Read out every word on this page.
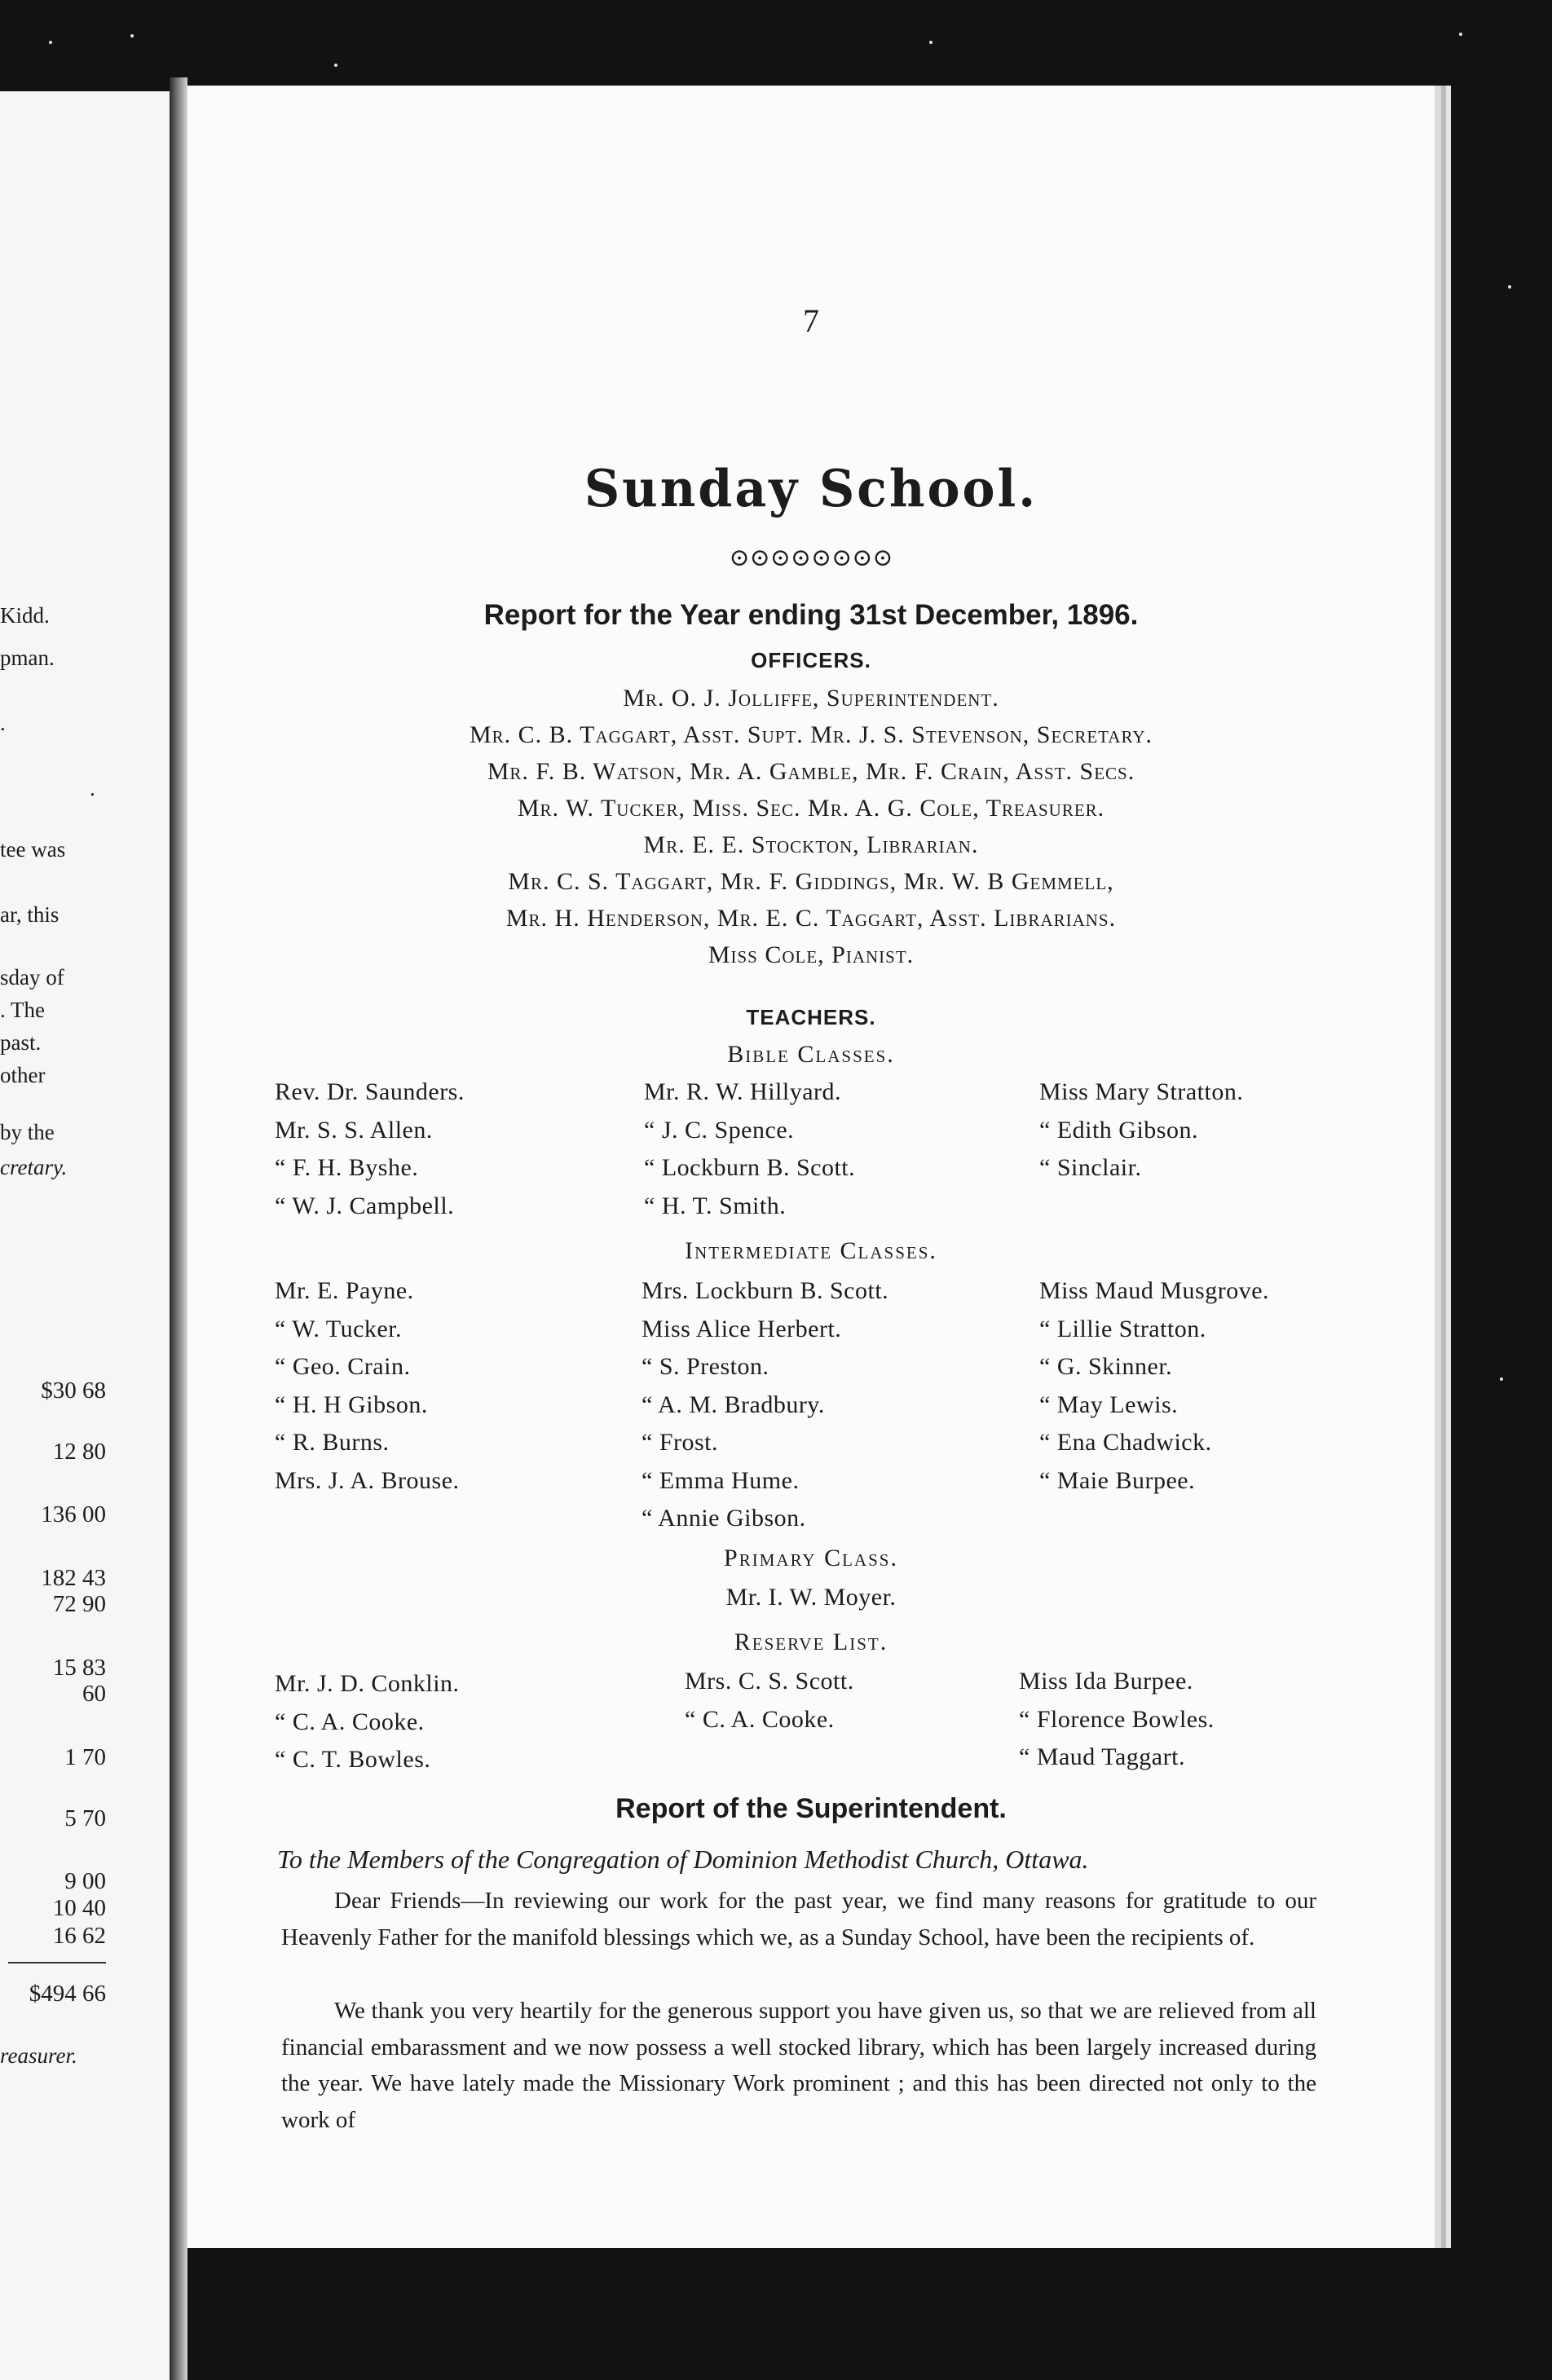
Kidd.
pman.
.
.
tee was
ar, this
sday of
. The
past.
other
by the
cretary.
$30 68
12 80
136 00
182 43
72 90
15 83
60
1 70
5 70
9 00
10 40
16 62
$494 66
reasurer.
7
Sunday School.
⊙⊙⊙⊙⊙⊙⊙⊙
Report for the Year ending 31st December, 1896.
OFFICERS.
Mr. O. J. Jolliffe, Superintendent.
Mr. C. B. Taggart, Asst. Supt. Mr. J. S. Stevenson, Secretary.
Mr. F. B. Watson, Mr. A. Gamble, Mr. F. Crain, Asst. Secs.
Mr. W. Tucker, Miss. Sec. Mr. A. G. Cole, Treasurer.
Mr. E. E. Stockton, Librarian.
Mr. C. S. Taggart, Mr. F. Giddings, Mr. W. B Gemmell,
Mr. H. Henderson, Mr. E. C. Taggart, Asst. Librarians.
Miss Cole, Pianist.
TEACHERS.
Bible Classes.
Rev. Dr. Saunders.
Mr. S. S. Allen.
“ F. H. Byshe.
“ W. J. Campbell.
Mr. R. W. Hillyard.
“ J. C. Spence.
“ Lockburn B. Scott.
“ H. T. Smith.
Miss Mary Stratton.
“ Edith Gibson.
“ Sinclair.
Intermediate Classes.
Mr. E. Payne.
“ W. Tucker.
“ Geo. Crain.
“ H. H Gibson.
“ R. Burns.
Mrs. J. A. Brouse.
Mrs. Lockburn B. Scott.
Miss Alice Herbert.
“ S. Preston.
“ A. M. Bradbury.
“ Frost.
“ Emma Hume.
“ Annie Gibson.
Miss Maud Musgrove.
“ Lillie Stratton.
“ G. Skinner.
“ May Lewis.
“ Ena Chadwick.
“ Maie Burpee.
Primary Class.
Mr. I. W. Moyer.
Reserve List.
Mr. J. D. Conklin.
“ C. A. Cooke.
“ C. T. Bowles.
Mrs. C. S. Scott.
“ C. A. Cooke.
Miss Ida Burpee.
“ Florence Bowles.
“ Maud Taggart.
Report of the Superintendent.
To the Members of the Congregation of Dominion Methodist Church, Ottawa.
Dear Friends—In reviewing our work for the past year, we find many reasons for gratitude to our Heavenly Father for the manifold blessings which we, as a Sunday School, have been the recipients of.
We thank you very heartily for the generous support you have given us, so that we are relieved from all financial embarassment and we now possess a well stocked library, which has been largely increased during the year. We have lately made the Missionary Work prominent ; and this has been directed not only to the work of
